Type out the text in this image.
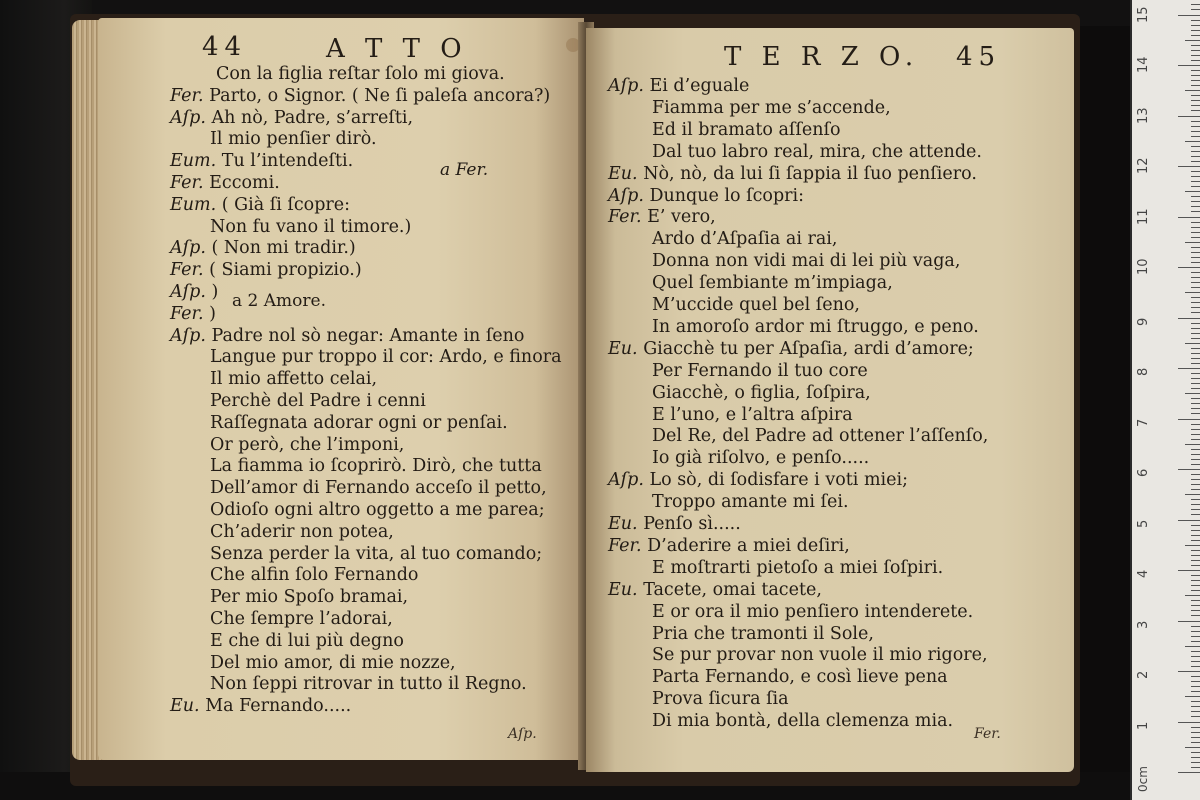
44	A T T O
Con la figlia reſtar ſolo mi giova.
Fer. Parto, o Signor. ( Ne ſi paleſa ancora?)
Aſp. Ah nò, Padre, s’arreſti,
Il mio penſier dirò.
Eum. Tu l’intendeſti.
Fer. Eccomi.
Eum. ( Già ſi ſcopre:
Non fu vano il timore.)
Aſp. ( Non mi tradir.)
Fer. ( Siami propizio.)
Aſp. )
Fer. )
Aſp. Padre nol sò negar: Amante in ſeno
Langue pur troppo il cor: Ardo, e finora
Il mio affetto celai,
Perchè del Padre i cenni
Raſſegnata adorar ogni or penſai.
Or però, che l’imponi,
La fiamma io ſcoprirò. Dirò, che tutta
Dell’amor di Fernando acceſo il petto,
Odioſo ogni altro oggetto a me parea;
Ch’aderir non potea,
Senza perder la vita, al tuo comando;
Che alfin ſolo Fernando
Per mio Spoſo bramai,
Che ſempre l’adorai,
E che di lui più degno
Del mio amor, di mie nozze,
Non ſeppi ritrovar in tutto il Regno.
Eu. Ma Fernando.....
a Fer.
a 2 Amore.
Aſp.
T E R Z O. 45
Aſp. Ei d’eguale
Fiamma per me s’accende,
Ed il bramato aſſenſo
Dal tuo labro real, mira, che attende.
Eu. Nò, nò, da lui ſi ſappia il ſuo penſiero.
Aſp. Dunque lo ſcopri:
Fer. E’ vero,
Ardo d’Aſpaſia ai rai,
Donna non vidi mai di lei più vaga,
Quel ſembiante m’impiaga,
M’uccide quel bel ſeno,
In amoroſo ardor mi ſtruggo, e peno.
Eu. Giacchè tu per Aſpaſia, ardi d’amore;
Per Fernando il tuo core
Giacchè, o figlia, ſoſpira,
E l’uno, e l’altra aſpira
Del Re, del Padre ad ottener l’aſſenſo,
Io già riſolvo, e penſo.....
Aſp. Lo sò, di ſodisfare i voti miei;
Troppo amante mi ſei.
Eu. Penſo sì.....
Fer. D’aderire a miei deſiri,
E moſtrarti pietoſo a miei ſoſpiri.
Eu. Tacete, omai tacete,
E or ora il mio penſiero intenderete.
Pria che tramonti il Sole,
Se pur provar non vuole il mio rigore,
Parta Fernando, e così lieve pena
Prova ſicura ſia
Di mia bontà, della clemenza mia.
Fer.
1
2
3
4
5
6
7
8
9
10
11
12
13
14
15
0cm
